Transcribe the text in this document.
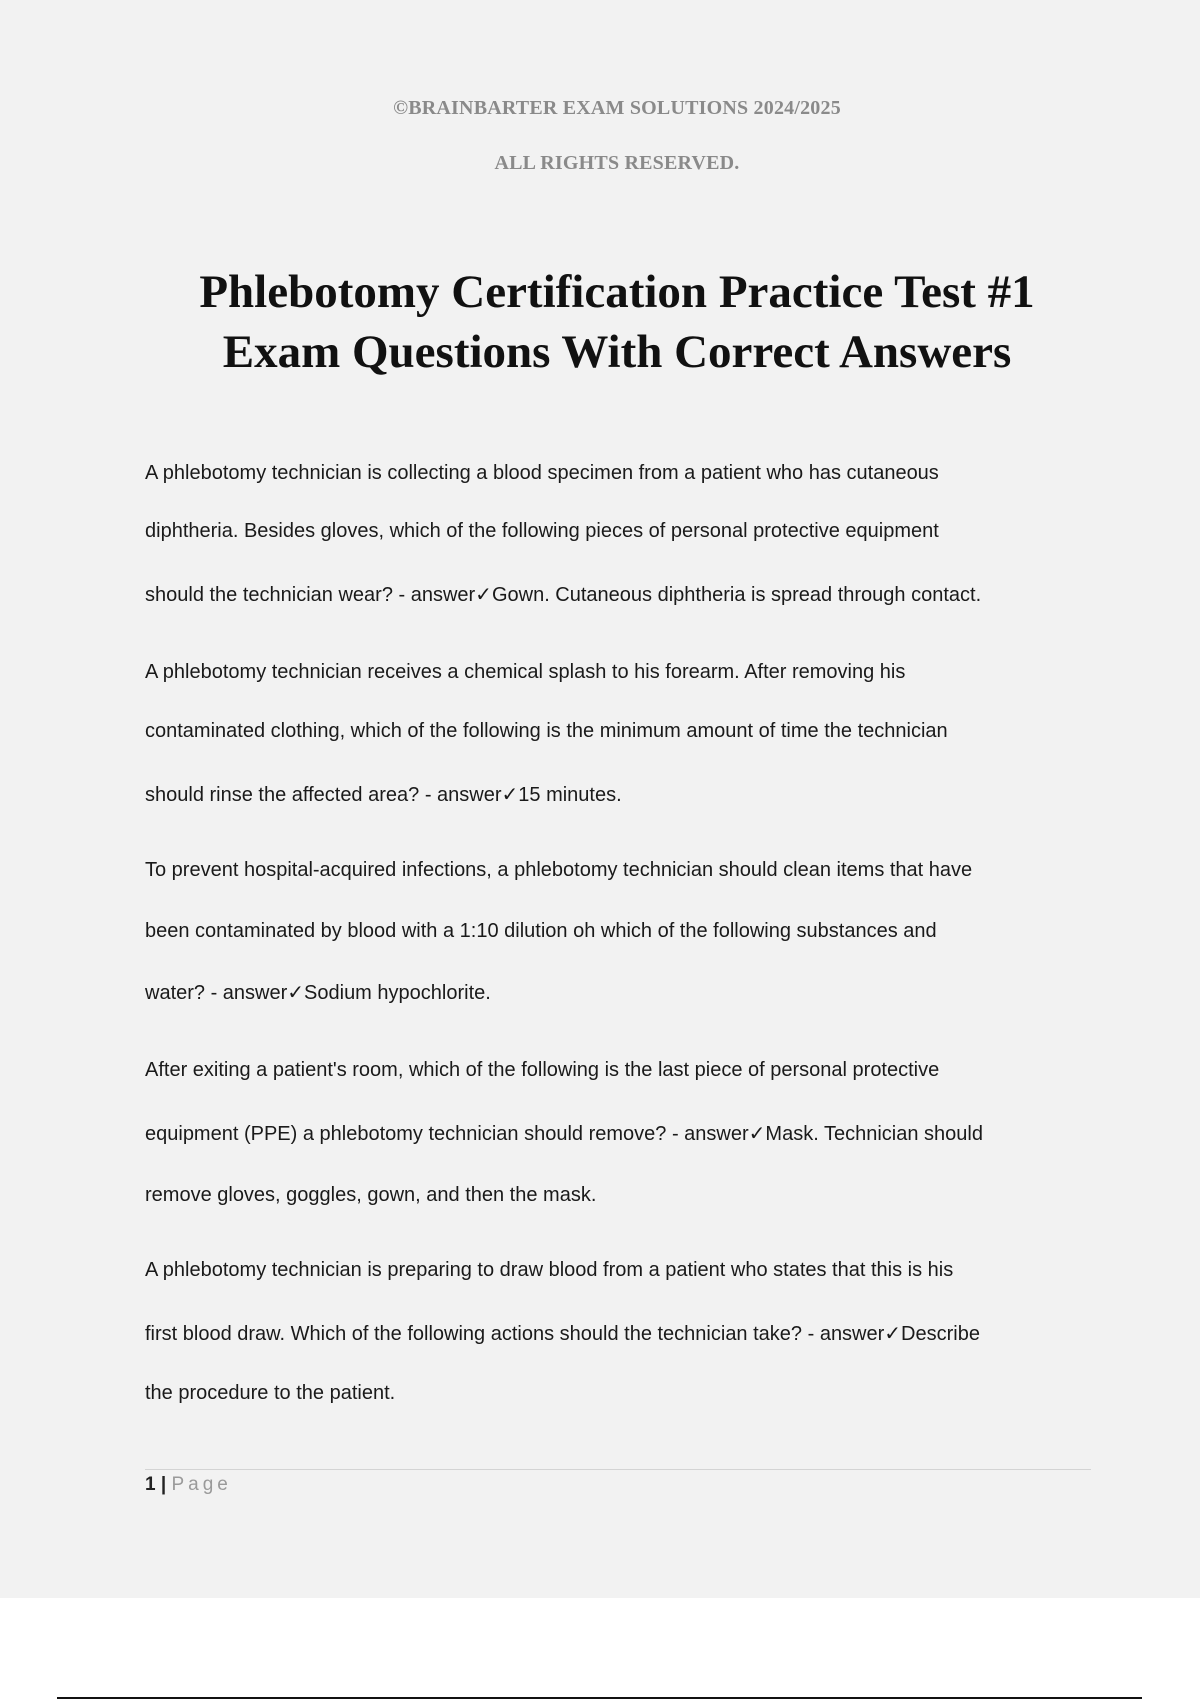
©BRAINBARTER EXAM SOLUTIONS 2024/2025
ALL RIGHTS RESERVED.
Phlebotomy Certification Practice Test #1
Exam Questions With Correct Answers
A phlebotomy technician is collecting a blood specimen from a patient who has cutaneous
diphtheria. Besides gloves, which of the following pieces of personal protective equipment
should the technician wear? - answer✓Gown. Cutaneous diphtheria is spread through contact.
A phlebotomy technician receives a chemical splash to his forearm. After removing his
contaminated clothing, which of the following is the minimum amount of time the technician
should rinse the affected area? - answer✓15 minutes.
To prevent hospital-acquired infections, a phlebotomy technician should clean items that have
been contaminated by blood with a 1:10 dilution oh which of the following substances and
water? - answer✓Sodium hypochlorite.
After exiting a patient's room, which of the following is the last piece of personal protective
equipment (PPE) a phlebotomy technician should remove? - answer✓Mask. Technician should
remove gloves, goggles, gown, and then the mask.
A phlebotomy technician is preparing to draw blood from a patient who states that this is his
first blood draw. Which of the following actions should the technician take? - answer✓Describe
the procedure to the patient.
1 | Page
